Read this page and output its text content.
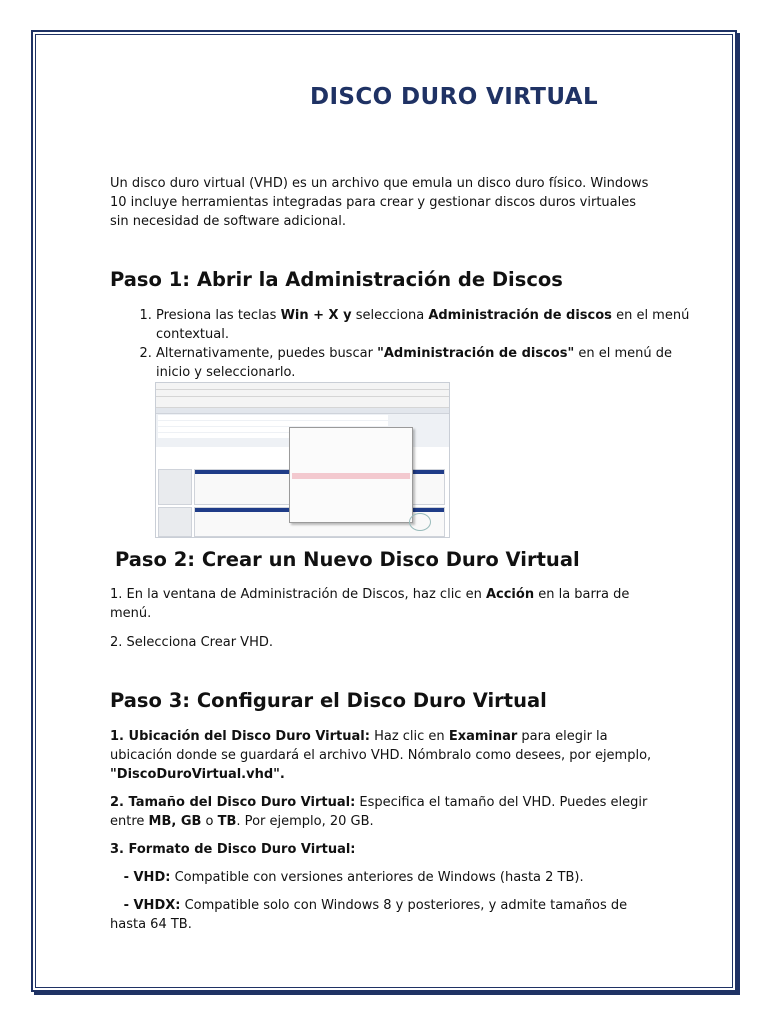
DISCO DURO VIRTUAL

Un disco duro virtual (VHD) es un archivo que emula un disco duro físico. Windows 10 incluye herramientas integradas para crear y gestionar discos duros virtuales sin necesidad de software adicional.

Paso 1: Abrir la Administración de Discos
1. Presiona las teclas Win + X y selecciona Administración de discos en el menú contextual.
2. Alternativamente, puedes buscar "Administración de discos" en el menú de inicio y seleccionarlo.
Paso 2: Crear un Nuevo Disco Duro Virtual

1. En la ventana de Administración de Discos, haz clic en Acción en la barra de menú.

2. Selecciona Crear VHD.

Paso 3: Configurar el Disco Duro Virtual

1. Ubicación del Disco Duro Virtual: Haz clic en Examinar para elegir la ubicación donde se guardará el archivo VHD. Nómbralo como desees, por ejemplo, "DiscoDuroVirtual.vhd".

2. Tamaño del Disco Duro Virtual: Especifica el tamaño del VHD. Puedes elegir entre MB, GB o TB. Por ejemplo, 20 GB.

3. Formato de Disco Duro Virtual:

- VHD: Compatible con versiones anteriores de Windows (hasta 2 TB).

- VHDX: Compatible solo con Windows 8 y posteriores, y admite tamaños de hasta 64 TB.
